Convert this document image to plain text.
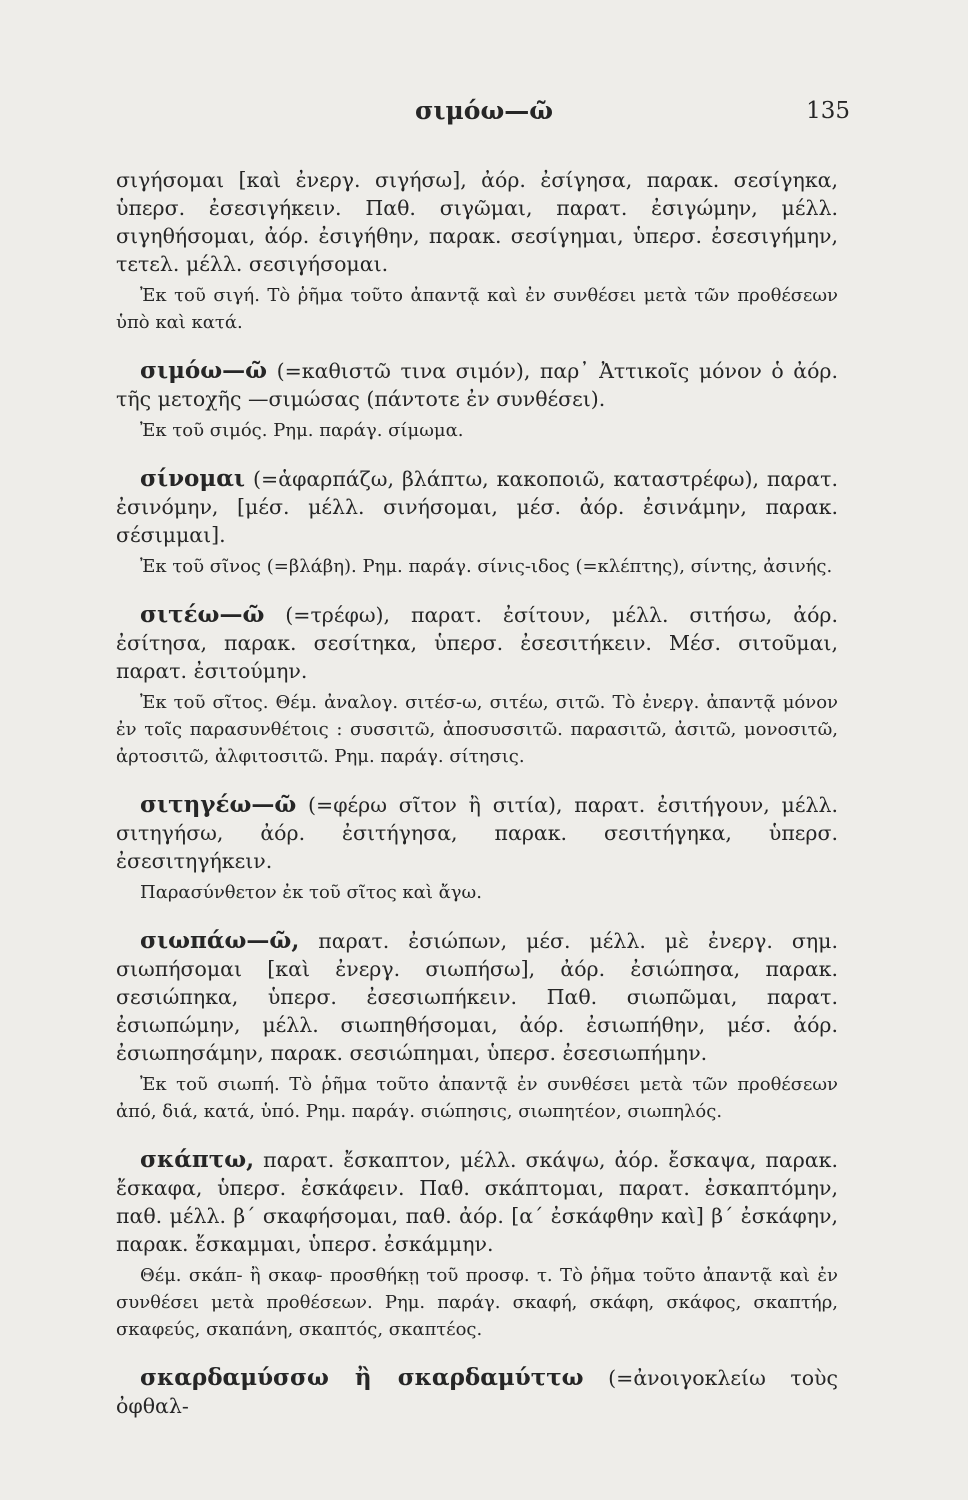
σιμόω—ῶ	135

σιγήσομαι [καὶ ἐνεργ. σιγήσω], ἀόρ. ἐσίγησα, παρακ. σεσίγηκα, ὑπερσ. ἐσεσιγήκειν. Παθ. σιγῶμαι, παρατ. ἐσιγώμην, μέλλ. σιγηθήσομαι, ἀόρ. ἐσιγήθην, παρακ. σεσίγημαι, ὑπερσ. ἐσεσιγήμην, τετελ. μέλλ. σεσιγήσομαι.

Ἐκ τοῦ σιγή. Τὸ ῥῆμα τοῦτο ἀπαντᾷ καὶ ἐν συνθέσει μετὰ τῶν προθέσεων ὑπὸ καὶ κατά.

σιμόω—ῶ (=καθιστῶ τινα σιμόν), παρ᾽ Ἀττικοῖς μόνον ὁ ἀόρ. τῆς μετοχῆς —σιμώσας (πάντοτε ἐν συνθέσει).

Ἐκ τοῦ σιμός. Ρημ. παράγ. σίμωμα.

σίνομαι (=ἁφαρπάζω, βλάπτω, κακοποιῶ, καταστρέφω), παρατ. ἐσινόμην, [μέσ. μέλλ. σινήσομαι, μέσ. ἀόρ. ἐσινάμην, παρακ. σέσιμμαι].

Ἐκ τοῦ σῖνος (=βλάβη). Ρημ. παράγ. σίνις-ιδος (=κλέπτης), σίντης, ἀσινής.

σιτέω—ῶ (=τρέφω), παρατ. ἐσίτουν, μέλλ. σιτήσω, ἀόρ. ἐσίτησα, παρακ. σεσίτηκα, ὑπερσ. ἐσεσιτήκειν. Μέσ. σιτοῦμαι, παρατ. ἐσιτούμην.

Ἐκ τοῦ σῖτος. Θέμ. ἀναλογ. σιτέσ-ω, σιτέω, σιτῶ. Τὸ ἐνεργ. ἀπαντᾷ μόνον ἐν τοῖς παρασυνθέτοις : συσσιτῶ, ἀποσυσσιτῶ. παρασιτῶ, ἀσιτῶ, μονοσιτῶ, ἀρτοσιτῶ, ἀλφιτοσιτῶ. Ρημ. παράγ. σίτησις.

σιτηγέω—ῶ (=φέρω σῖτον ἢ σιτία), παρατ. ἐσιτήγουν, μέλλ. σιτηγήσω, ἀόρ. ἐσιτήγησα, παρακ. σεσιτήγηκα, ὑπερσ. ἐσεσιτηγήκειν.

Παρασύνθετον ἐκ τοῦ σῖτος καὶ ἄγω.

σιωπάω—ῶ, παρατ. ἐσιώπων, μέσ. μέλλ. μὲ ἐνεργ. σημ. σιωπήσομαι [καὶ ἐνεργ. σιωπήσω], ἀόρ. ἐσιώπησα, παρακ. σεσιώπηκα, ὑπερσ. ἐσεσιωπήκειν. Παθ. σιωπῶμαι, παρατ. ἐσιωπώμην, μέλλ. σιωπηθήσομαι, ἀόρ. ἐσιωπήθην, μέσ. ἀόρ. ἐσιωπησάμην, παρακ. σεσιώπημαι, ὑπερσ. ἐσεσιωπήμην.

Ἐκ τοῦ σιωπή. Τὸ ῥῆμα τοῦτο ἀπαντᾷ ἐν συνθέσει μετὰ τῶν προθέσεων ἀπό, διά, κατά, ὑπό. Ρημ. παράγ. σιώπησις, σιωπητέον, σιωπηλός.

σκάπτω, παρατ. ἔσκαπτον, μέλλ. σκάψω, ἀόρ. ἔσκαψα, παρακ. ἔσκαφα, ὑπερσ. ἐσκάφειν. Παθ. σκάπτομαι, παρατ. ἐσκαπτόμην, παθ. μέλλ. β´ σκαφήσομαι, παθ. ἀόρ. [α´ ἐσκάφθην καὶ] β´ ἐσκάφην, παρακ. ἔσκαμμαι, ὑπερσ. ἐσκάμμην.

Θέμ. σκάπ- ἢ σκαφ- προσθήκῃ τοῦ προσφ. τ. Τὸ ῥῆμα τοῦτο ἀπαντᾷ καὶ ἐν συνθέσει μετὰ προθέσεων. Ρημ. παράγ. σκαφή, σκάφη, σκάφος, σκαπτήρ, σκαφεύς, σκαπάνη, σκαπτός, σκαπτέος.

σκαρδαμύσσω ἢ σκαρδαμύττω (=ἀνοιγοκλείω τοὺς ὀφθαλ-
